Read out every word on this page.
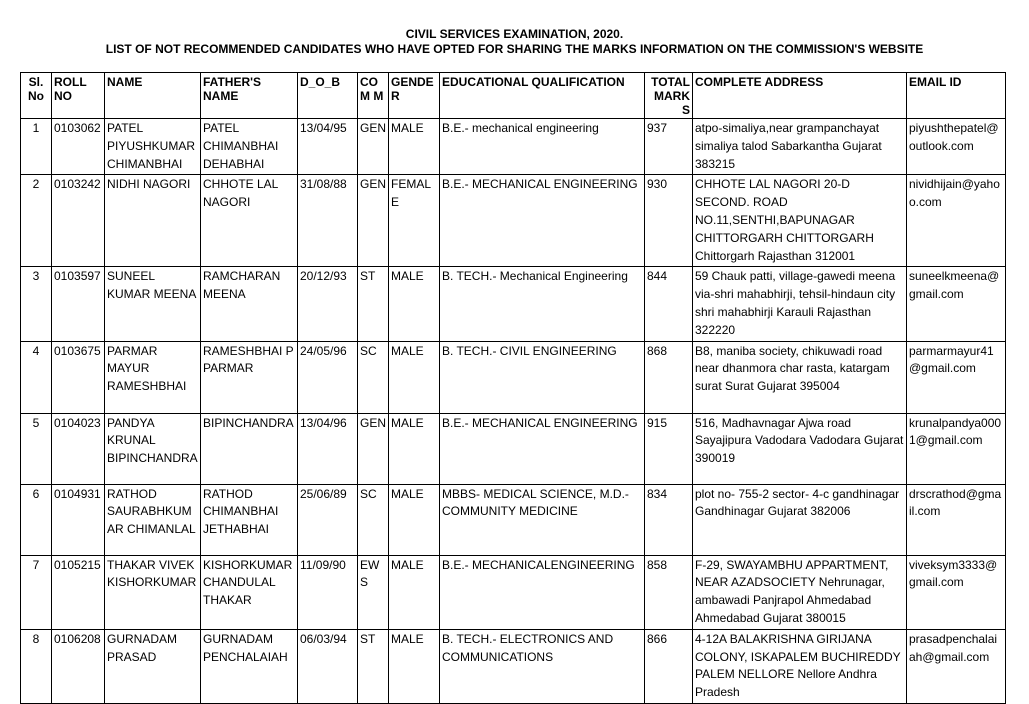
CIVIL SERVICES EXAMINATION, 2020.
LIST OF NOT RECOMMENDED CANDIDATES WHO HAVE OPTED FOR SHARING THE MARKS INFORMATION ON THE COMMISSION'S WEBSITE
Sl. No	ROLL NO	NAME	FATHER'S NAME	D_O_B	COM M	GENDER	EDUCATIONAL QUALIFICATION	TOTAL MARKS	COMPLETE ADDRESS	EMAIL ID
1	0103062	PATEL PIYUSHKUMAR CHIMANBHAI	PATEL CHIMANBHAI DEHABHAI	13/04/95	GEN	MALE	B.E.- mechanical engineering	937	atpo-simaliya,near grampanchayat simaliya talod Sabarkantha Gujarat 383215	piyushthepatel@outlook.com
2	0103242	NIDHI NAGORI	CHHOTE LAL NAGORI	31/08/88	GEN	FEMALE	B.E.- MECHANICAL ENGINEERING	930	CHHOTE LAL NAGORI 20-D SECOND. ROAD NO.11,SENTHI,BAPUNAGAR CHITTORGARH CHITTORGARH Chittorgarh Rajasthan 312001	nividhijain@yahoo.com
3	0103597	SUNEEL KUMAR MEENA	RAMCHARAN MEENA	20/12/93	ST	MALE	B. TECH.- Mechanical Engineering	844	59 Chauk patti, village-gawedi meena via-shri mahabhirji, tehsil-hindaun city shri mahabhirji Karauli Rajasthan 322220	suneelkmeena@gmail.com
4	0103675	PARMAR MAYUR RAMESHBHAI	RAMESHBHAI P PARMAR	24/05/96	SC	MALE	B. TECH.- CIVIL ENGINEERING	868	B8, maniba society, chikuwadi road near dhanmora char rasta, katargam surat Surat Gujarat 395004	parmarmayur41@gmail.com
5	0104023	PANDYA KRUNAL BIPINCHANDRA	BIPINCHANDRA	13/04/96	GEN	MALE	B.E.- MECHANICAL ENGINEERING	915	516, Madhavnagar Ajwa road Sayajipura Vadodara Vadodara Gujarat 390019	krunalpandya0001@gmail.com
6	0104931	RATHOD SAURABHKUMAR CHIMANLAL	RATHOD CHIMANBHAI JETHABHAI	25/06/89	SC	MALE	MBBS- MEDICAL SCIENCE, M.D.-COMMUNITY MEDICINE	834	plot no- 755-2 sector- 4-c gandhinagar Gandhinagar Gujarat 382006	drscrathod@gmail.com
7	0105215	THAKAR VIVEK KISHORKUMAR	KISHORKUMAR CHANDULAL THAKAR	11/09/90	EWS	MALE	B.E.- MECHANICALENGINEERING	858	F-29, SWAYAMBHU APPARTMENT, NEAR AZADSOCIETY Nehrunagar, ambawadi Panjrapol Ahmedabad Ahmedabad Gujarat 380015	viveksym3333@gmail.com
8	0106208	GURNADAM PRASAD	GURNADAM PENCHALAIAH	06/03/94	ST	MALE	B. TECH.- ELECTRONICS AND COMMUNICATIONS	866	4-12A BALAKRISHNA GIRIJANA COLONY, ISKAPALEM BUCHIREDDY PALEM NELLORE Nellore Andhra Pradesh	prasadpenchalaiah@gmail.com
